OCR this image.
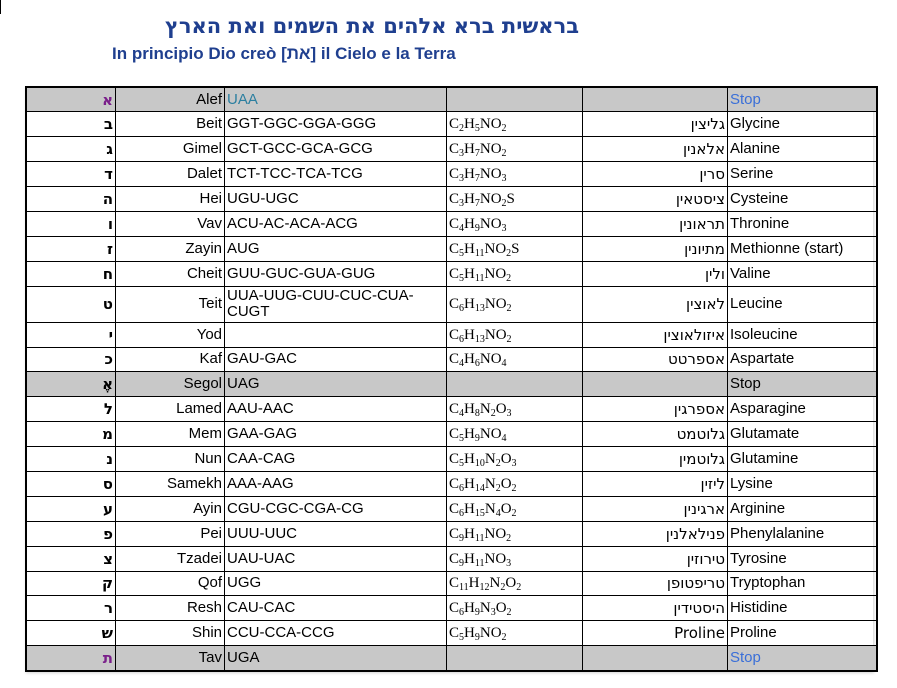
בראשית ברא אלהים את השמים ואת הארץ
In principio Dio creò [את] il Cielo e la Terra
א	Alef	UAA			Stop
ב	Beit	GGT-GGC-GGA-GGG	$C_2H_5NO_2$	גליצין	Glycine
ג	Gimel	GCT-GCC-GCA-GCG	$C_3H_7NO_2$	אלאנין	Alanine
ד	Dalet	TCT-TCC-TCA-TCG	$C_3H_7NO_3$	סרין	Serine
ה	Hei	UGU-UGC	$C_3H_7NO_2S$	ציסטאין	Cysteine
ו	Vav	ACU-AC-ACA-ACG	$C_4H_9NO_3$	תראונין	Thronine
ז	Zayin	AUG	$C_5H_{11}NO_2S$	מתיונין	Methionne (start)
ח	Cheit	GUU-GUC-GUA-GUG	$C_5H_{11}NO_2$	ולין	Valine
ט	Teit	UUA-UUG-CUU-CUC-CUA-CUGT	$C_6H_{13}NO_2$	לאוצין	Leucine
י	Yod		$C_6H_{13}NO_2$	איזולאוצין	Isoleucine
כ	Kaf	GAU-GAC	$C_4H_6NO_4$	אספרטט	Aspartate
אֶ	Segol	UAG			Stop
ל	Lamed	AAU-AAC	$C_4H_8N_2O_3$	אספרגין	Asparagine
מ	Mem	GAA-GAG	$C_5H_9NO_4$	גלוטמט	Glutamate
נ	Nun	CAA-CAG	$C_5H_{10}N_2O_3$	גלוטמין	Glutamine
ס	Samekh	AAA-AAG	$C_6H_{14}N_2O_2$	ליזין	Lysine
ע	Ayin	CGU-CGC-CGA-CG	$C_6H_{15}N_4O_2$	ארגינין	Arginine
פ	Pei	UUU-UUC	$C_9H_{11}NO_2$	פנילאלנין	Phenylalanine
צ	Tzadei	UAU-UAC	$C_9H_{11}NO_3$	טירוזין	Tyrosine
ק	Qof	UGG	$C_{11}H_{12}N_2O_2$	טריפטופן	Tryptophan
ר	Resh	CAU-CAC	$C_6H_9N_3O_2$	היסטידין	Histidine
ש	Shin	CCU-CCA-CCG	$C_5H_9NO_2$	Proline	Proline
ת	Tav	UGA			Stop
